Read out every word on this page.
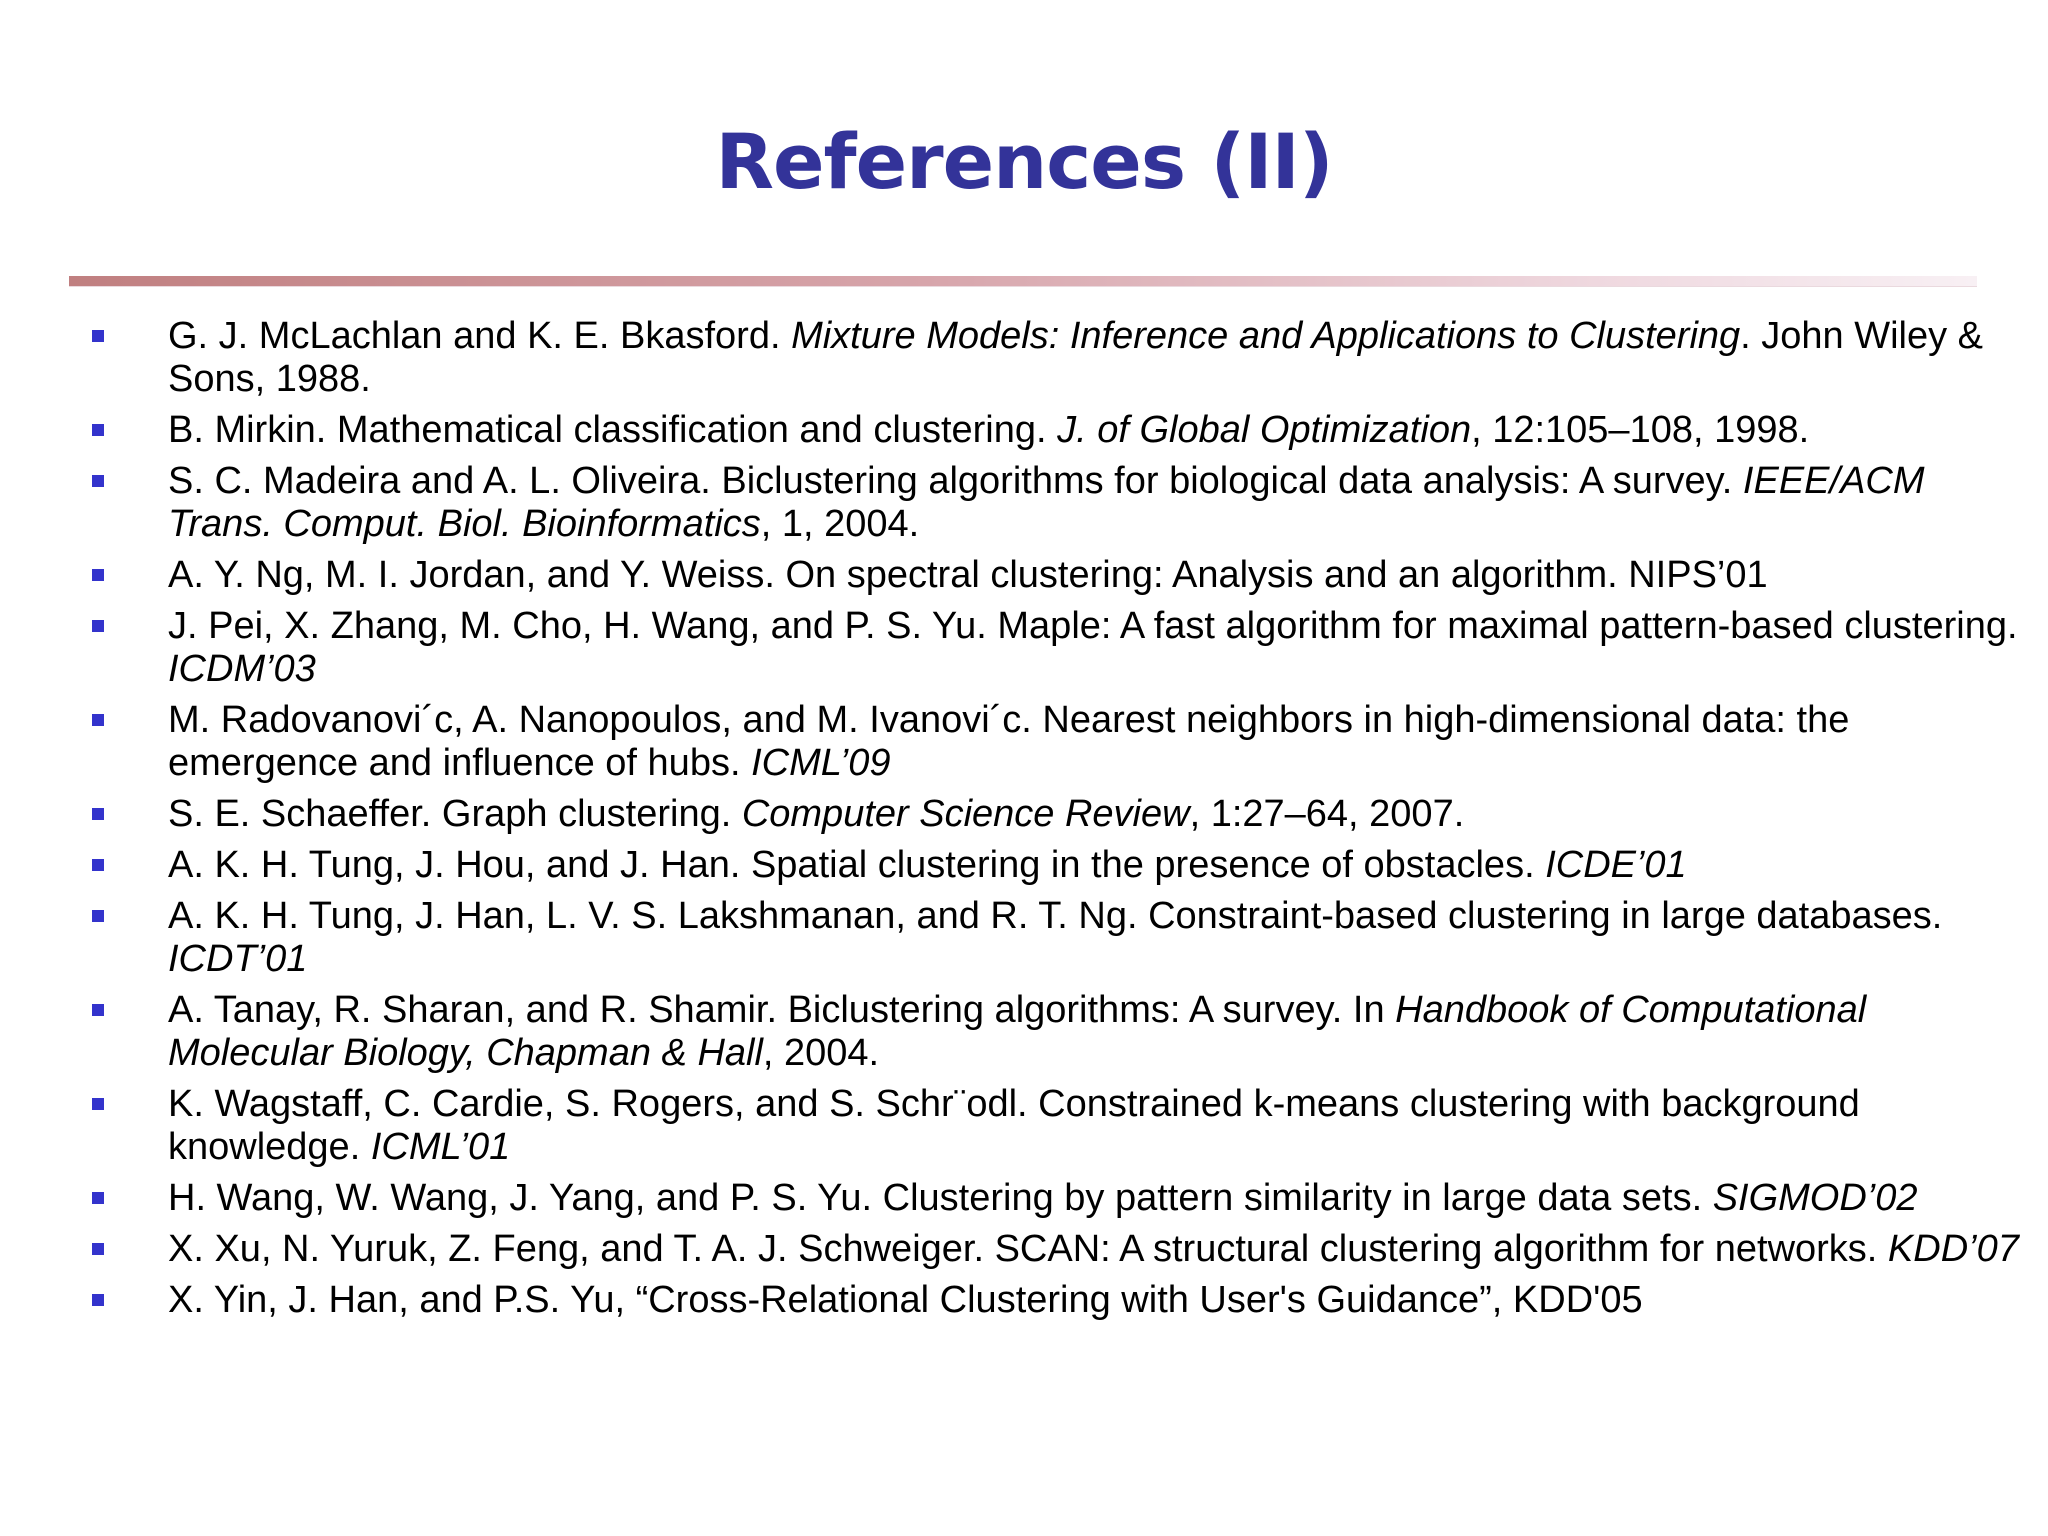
References (II)
G. J. McLachlan and K. E. Bkasford. Mixture Models: Inference and Applications to Clustering. John Wiley & Sons, 1988.
B. Mirkin. Mathematical classification and clustering. J. of Global Optimization, 12:105–108, 1998.
S. C. Madeira and A. L. Oliveira. Biclustering algorithms for biological data analysis: A survey. IEEE/ACM Trans. Comput. Biol. Bioinformatics, 1, 2004.
A. Y. Ng, M. I. Jordan, and Y. Weiss. On spectral clustering: Analysis and an algorithm. NIPS’01
J. Pei, X. Zhang, M. Cho, H. Wang, and P. S. Yu. Maple: A fast algorithm for maximal pattern-based clustering. ICDM’03
M. Radovanovi´c, A. Nanopoulos, and M. Ivanovi´c. Nearest neighbors in high-dimensional data: the emergence and influence of hubs. ICML’09
S. E. Schaeffer. Graph clustering. Computer Science Review, 1:27–64, 2007.
A. K. H. Tung, J. Hou, and J. Han. Spatial clustering in the presence of obstacles. ICDE’01
A. K. H. Tung, J. Han, L. V. S. Lakshmanan, and R. T. Ng. Constraint-based clustering in large databases. ICDT’01
A. Tanay, R. Sharan, and R. Shamir. Biclustering algorithms: A survey. In Handbook of Computational Molecular Biology, Chapman & Hall, 2004.
K. Wagstaff, C. Cardie, S. Rogers, and S. Schr¨odl. Constrained k-means clustering with background knowledge. ICML’01
H. Wang, W. Wang, J. Yang, and P. S. Yu. Clustering by pattern similarity in large data sets. SIGMOD’02
X. Xu, N. Yuruk, Z. Feng, and T. A. J. Schweiger. SCAN: A structural clustering algorithm for networks. KDD’07
X. Yin, J. Han, and P.S. Yu, “Cross-Relational Clustering with User's Guidance”, KDD'05
